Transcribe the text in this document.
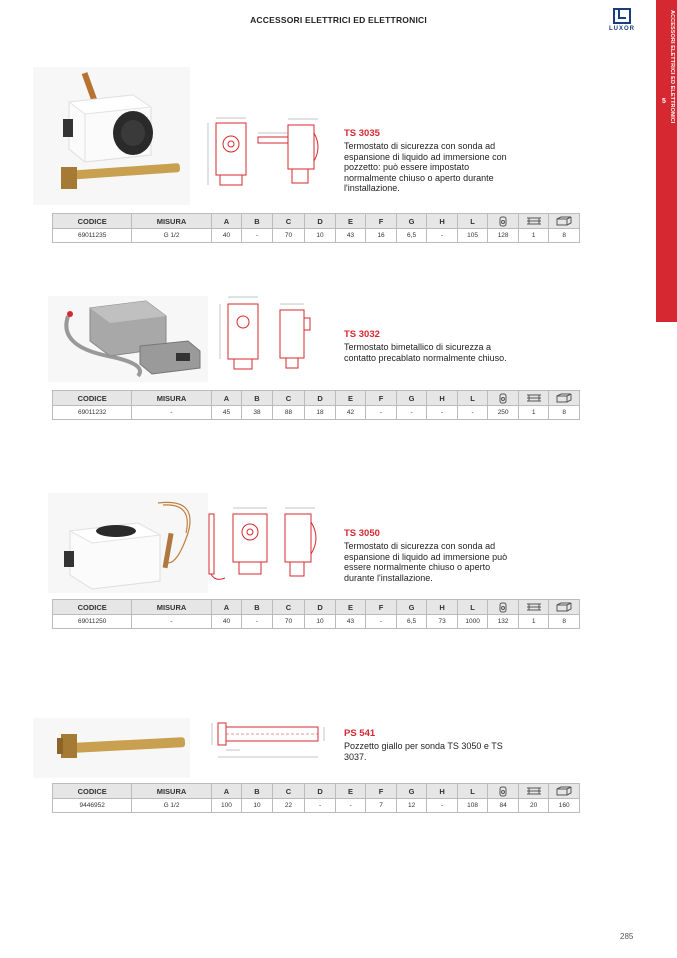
ACCESSORI ELETTRICI ED ELETTRONICI
LUXOR	ACCESSORI ELETTRICI ED ELETTRONICI
5
TS 3035
Termostato di sicurezza con sonda ad espansione di liquido ad immersione con pozzetto: può essere impostato normalmente chiuso o aperto durante l'installazione.
CODICE	MISURA	A	B	C	D	E	F	G	H	L			
69011235	G 1/2	40	-	70	10	43	16	6,5	-	105	128	1	8
TS 3032
Termostato bimetallico di sicurezza a contatto precablato normalmente chiuso.
CODICE	MISURA	A	B	C	D	E	F	G	H	L			
69011232	-	45	38	88	18	42	-	-	-	-	250	1	8
TS 3050
Termostato di sicurezza con sonda ad espansione di liquido ad immersione può essere normalmente chiuso o aperto durante l'installazione.
CODICE	MISURA	A	B	C	D	E	F	G	H	L			
69011250	-	40	-	70	10	43	-	6,5	73	1000	132	1	8
PS 541
Pozzetto giallo per sonda TS 3050 e TS 3037.
CODICE	MISURA	A	B	C	D	E	F	G	H	L			
9446952	G 1/2	100	10	22	-	-	7	12	-	108	84	20	160
285
